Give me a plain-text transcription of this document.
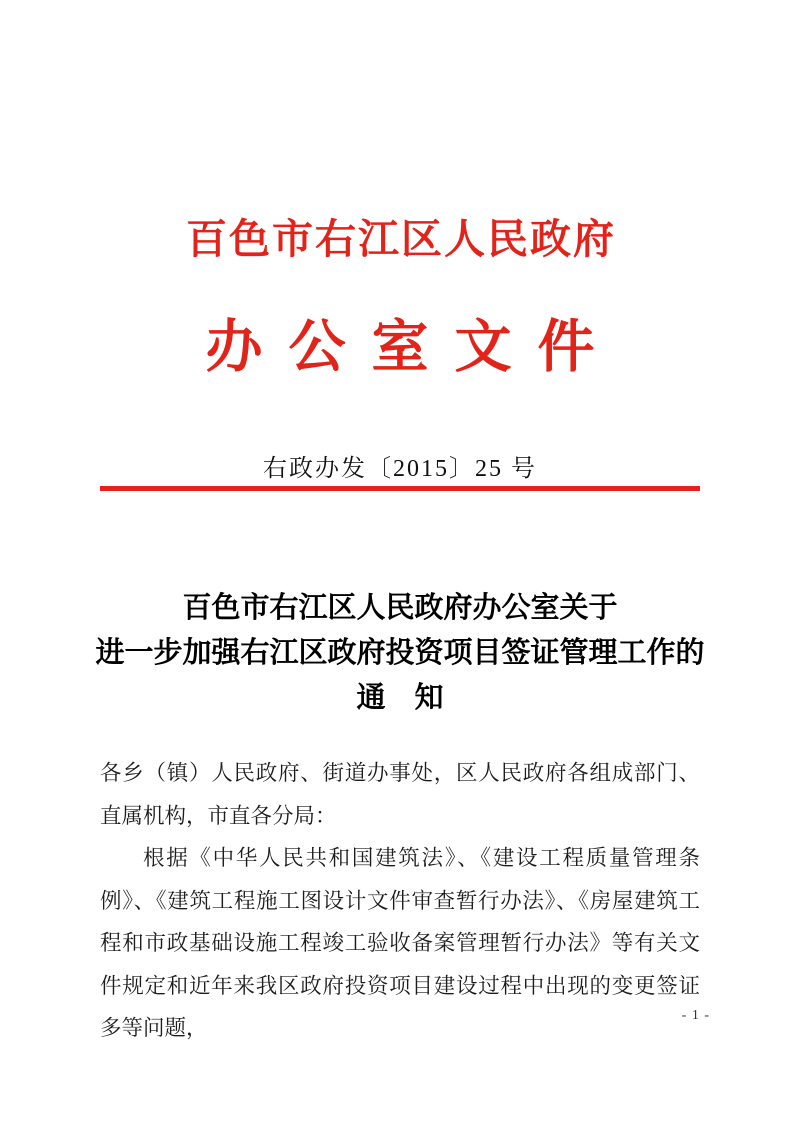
百色市右江区人民政府
办公室文件
右政办发〔2015〕25 号
百色市右江区人民政府办公室关于
进一步加强右江区政府投资项目签证管理工作的
通　知

各乡（镇）人民政府、街道办事处，区人民政府各组成部门、直属机构，市直各分局：

根据《中华人民共和国建筑法》、《建设工程质量管理条例》、《建筑工程施工图设计文件审查暂行办法》、《房屋建筑工程和市政基础设施工程竣工验收备案管理暂行办法》等有关文件规定和近年来我区政府投资项目建设过程中出现的变更签证多等问题，

- 1 -
